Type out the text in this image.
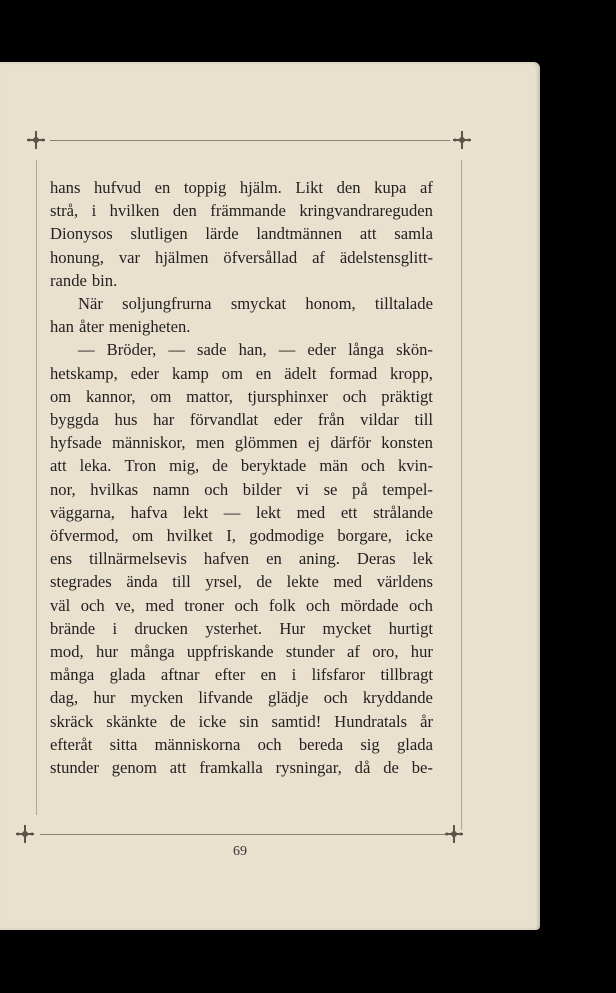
hans hufvud en toppig hjälm. Likt den kupa af
strå, i hvilken den främmande kringvandrareguden
Dionysos slutligen lärde landtmännen att samla
honung, var hjälmen öfversållad af ädelstensglitt-
rande bin.
När soljungfrurna smyckat honom, tilltalade
han åter menigheten.
— Bröder, — sade han, — eder långa skön-
hetskamp, eder kamp om en ädelt formad kropp,
om kannor, om mattor, tjursphinxer och präktigt
byggda hus har förvandlat eder från vildar till
hyfsade människor, men glömmen ej därför konsten
att leka. Tron mig, de beryktade män och kvin-
nor, hvilkas namn och bilder vi se på tempel-
väggarna, hafva lekt — lekt med ett strålande
öfvermod, om hvilket I, godmodige borgare, icke
ens tillnärmelsevis hafven en aning. Deras lek
stegrades ända till yrsel, de lekte med världens
väl och ve, med troner och folk och mördade och
brände i drucken ysterhet. Hur mycket hurtigt
mod, hur många uppfriskande stunder af oro, hur
många glada aftnar efter en i lifsfaror tillbragt
dag, hur mycken lifvande glädje och kryddande
skräck skänkte de icke sin samtid! Hundratals år
efteråt sitta människorna och bereda sig glada
stunder genom att framkalla rysningar, då de be-
69
